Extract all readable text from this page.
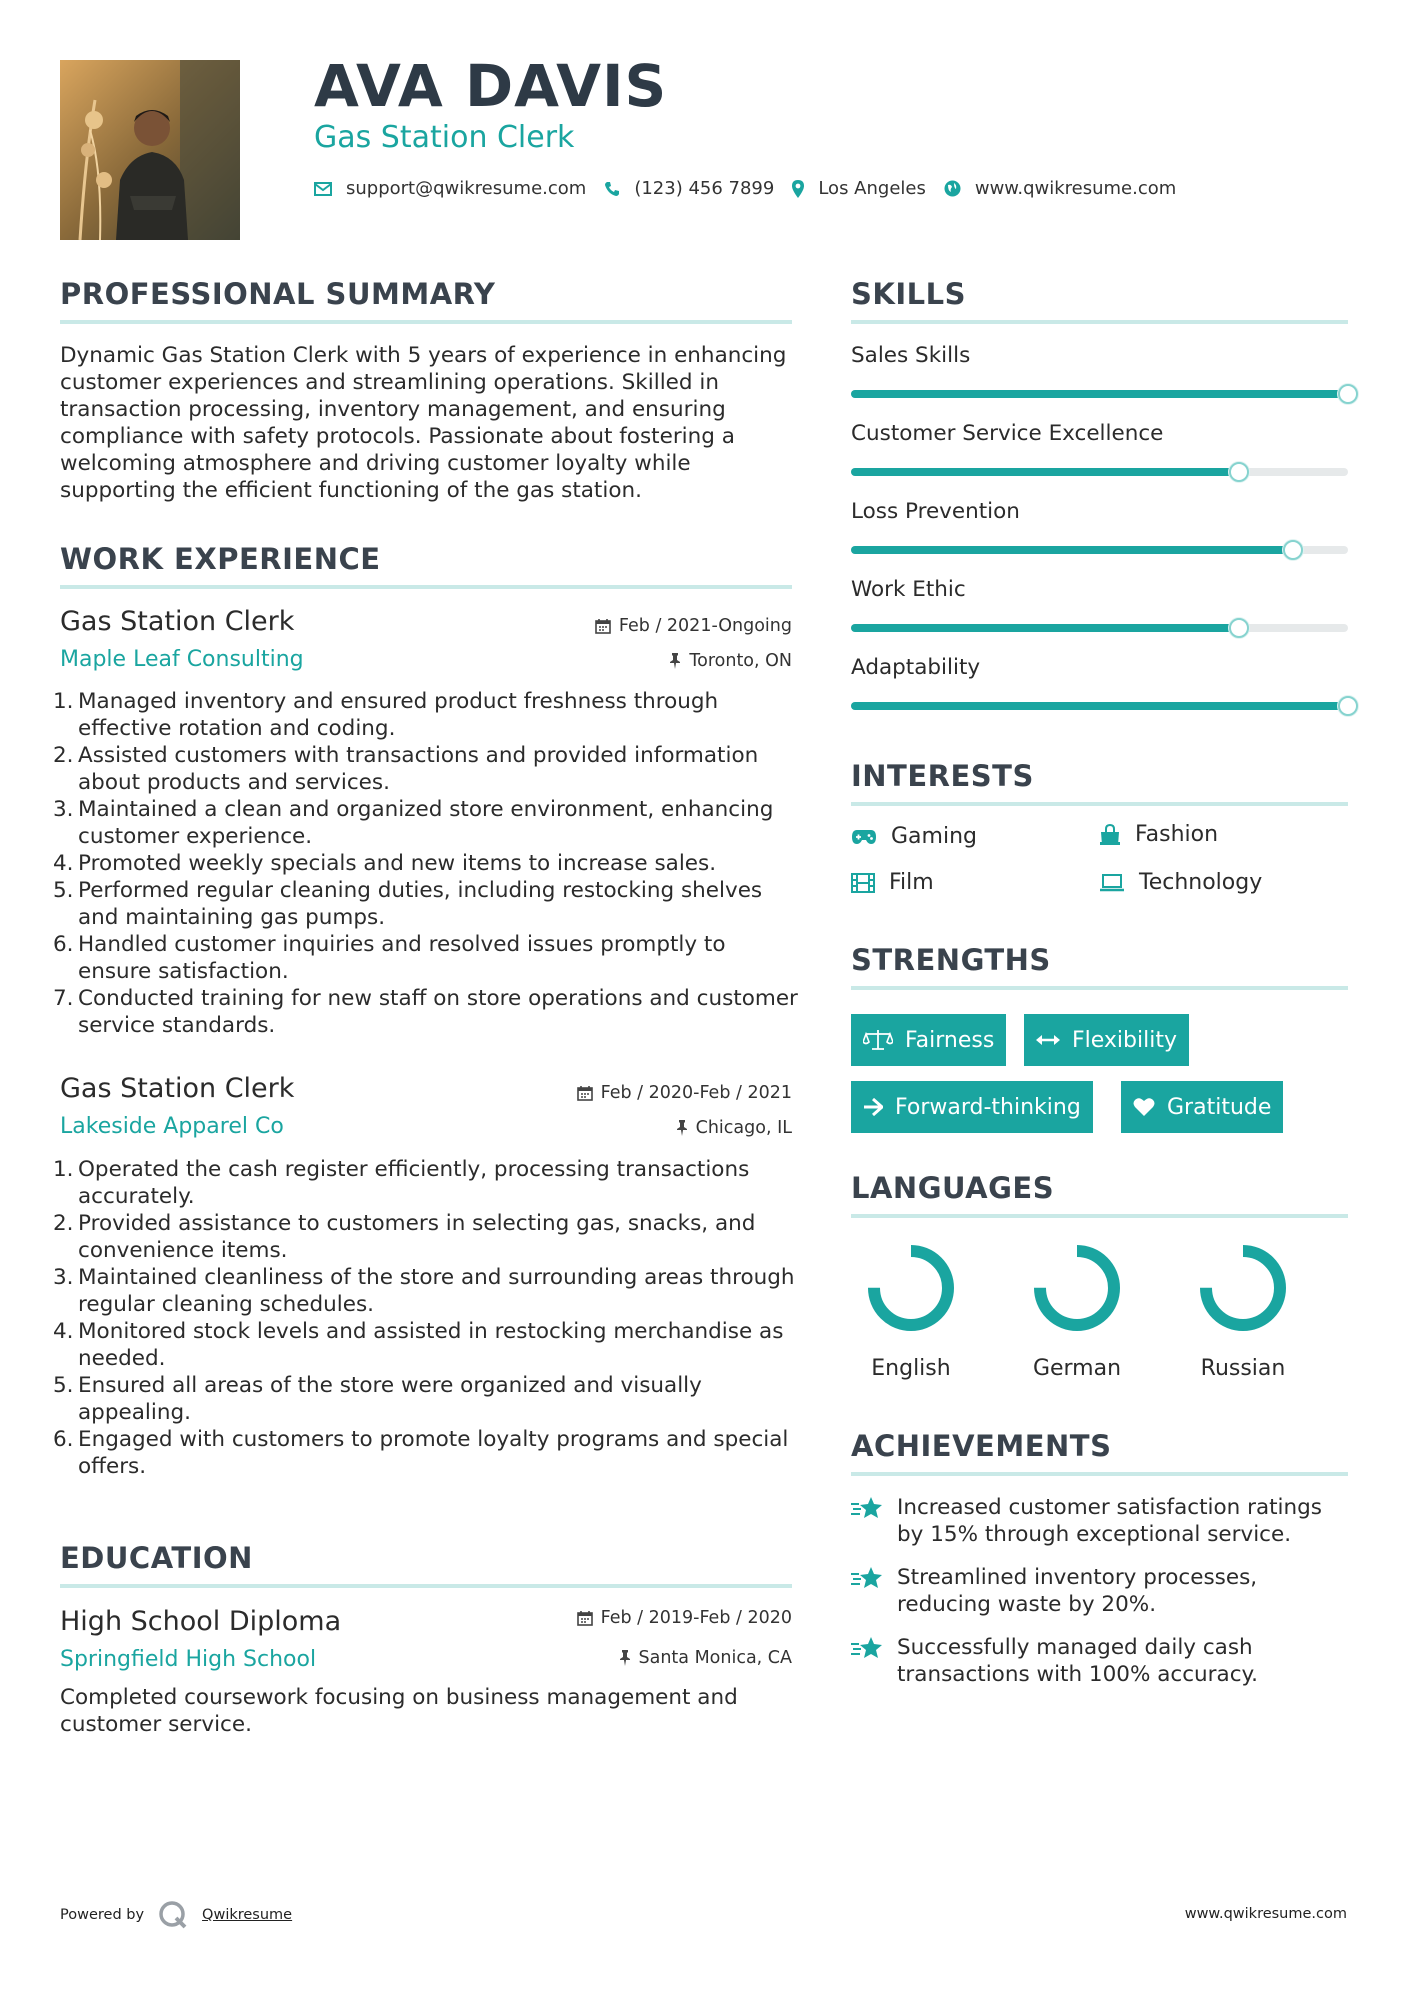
AVA DAVIS
Gas Station Clerk
support@qwikresume.com	(123) 456 7899 Los Angeles	www.qwikresume.com
PROFESSIONAL SUMMARY
Dynamic Gas Station Clerk with 5 years of experience in enhancing customer experiences and streamlining operations. Skilled in transaction processing, inventory management, and ensuring compliance with safety protocols. Passionate about fostering a welcoming atmosphere and driving customer loyalty while supporting the efficient functioning of the gas station.
WORK EXPERIENCE
Gas Station Clerk	Feb / 2021-Ongoing
Maple Leaf Consulting	Toronto, ON
1. Managed inventory and ensured product freshness through effective rotation and coding.
2. Assisted customers with transactions and provided information about products and services.
3. Maintained a clean and organized store environment, enhancing customer experience.
4. Promoted weekly specials and new items to increase sales.
5. Performed regular cleaning duties, including restocking shelves and maintaining gas pumps.
6. Handled customer inquiries and resolved issues promptly to ensure satisfaction.
7. Conducted training for new staff on store operations and customer service standards.
Gas Station Clerk	Feb / 2020-Feb / 2021
Lakeside Apparel Co	Chicago, IL
1. Operated the cash register efficiently, processing transactions accurately.
2. Provided assistance to customers in selecting gas, snacks, and convenience items.
3. Maintained cleanliness of the store and surrounding areas through regular cleaning schedules.
4. Monitored stock levels and assisted in restocking merchandise as needed.
5. Ensured all areas of the store were organized and visually appealing.
6. Engaged with customers to promote loyalty programs and special offers.
EDUCATION
High School Diploma	Feb / 2019-Feb / 2020
Springfield High School	Santa Monica, CA
Completed coursework focusing on business management and customer service.
SKILLS
Sales Skills
Customer Service Excellence
Loss Prevention
Work Ethic
Adaptability
INTERESTS
Gaming	Fashion
Film	Technology
STRENGTHS
Fairness	Flexibility
Forward-thinking	Gratitude
LANGUAGES
English	German	Russian
ACHIEVEMENTS
Increased customer satisfaction ratings by 15% through exceptional service.
Streamlined inventory processes, reducing waste by 20%.
Successfully managed daily cash transactions with 100% accuracy.
Powered by	Qwikresume	www.qwikresume.com
